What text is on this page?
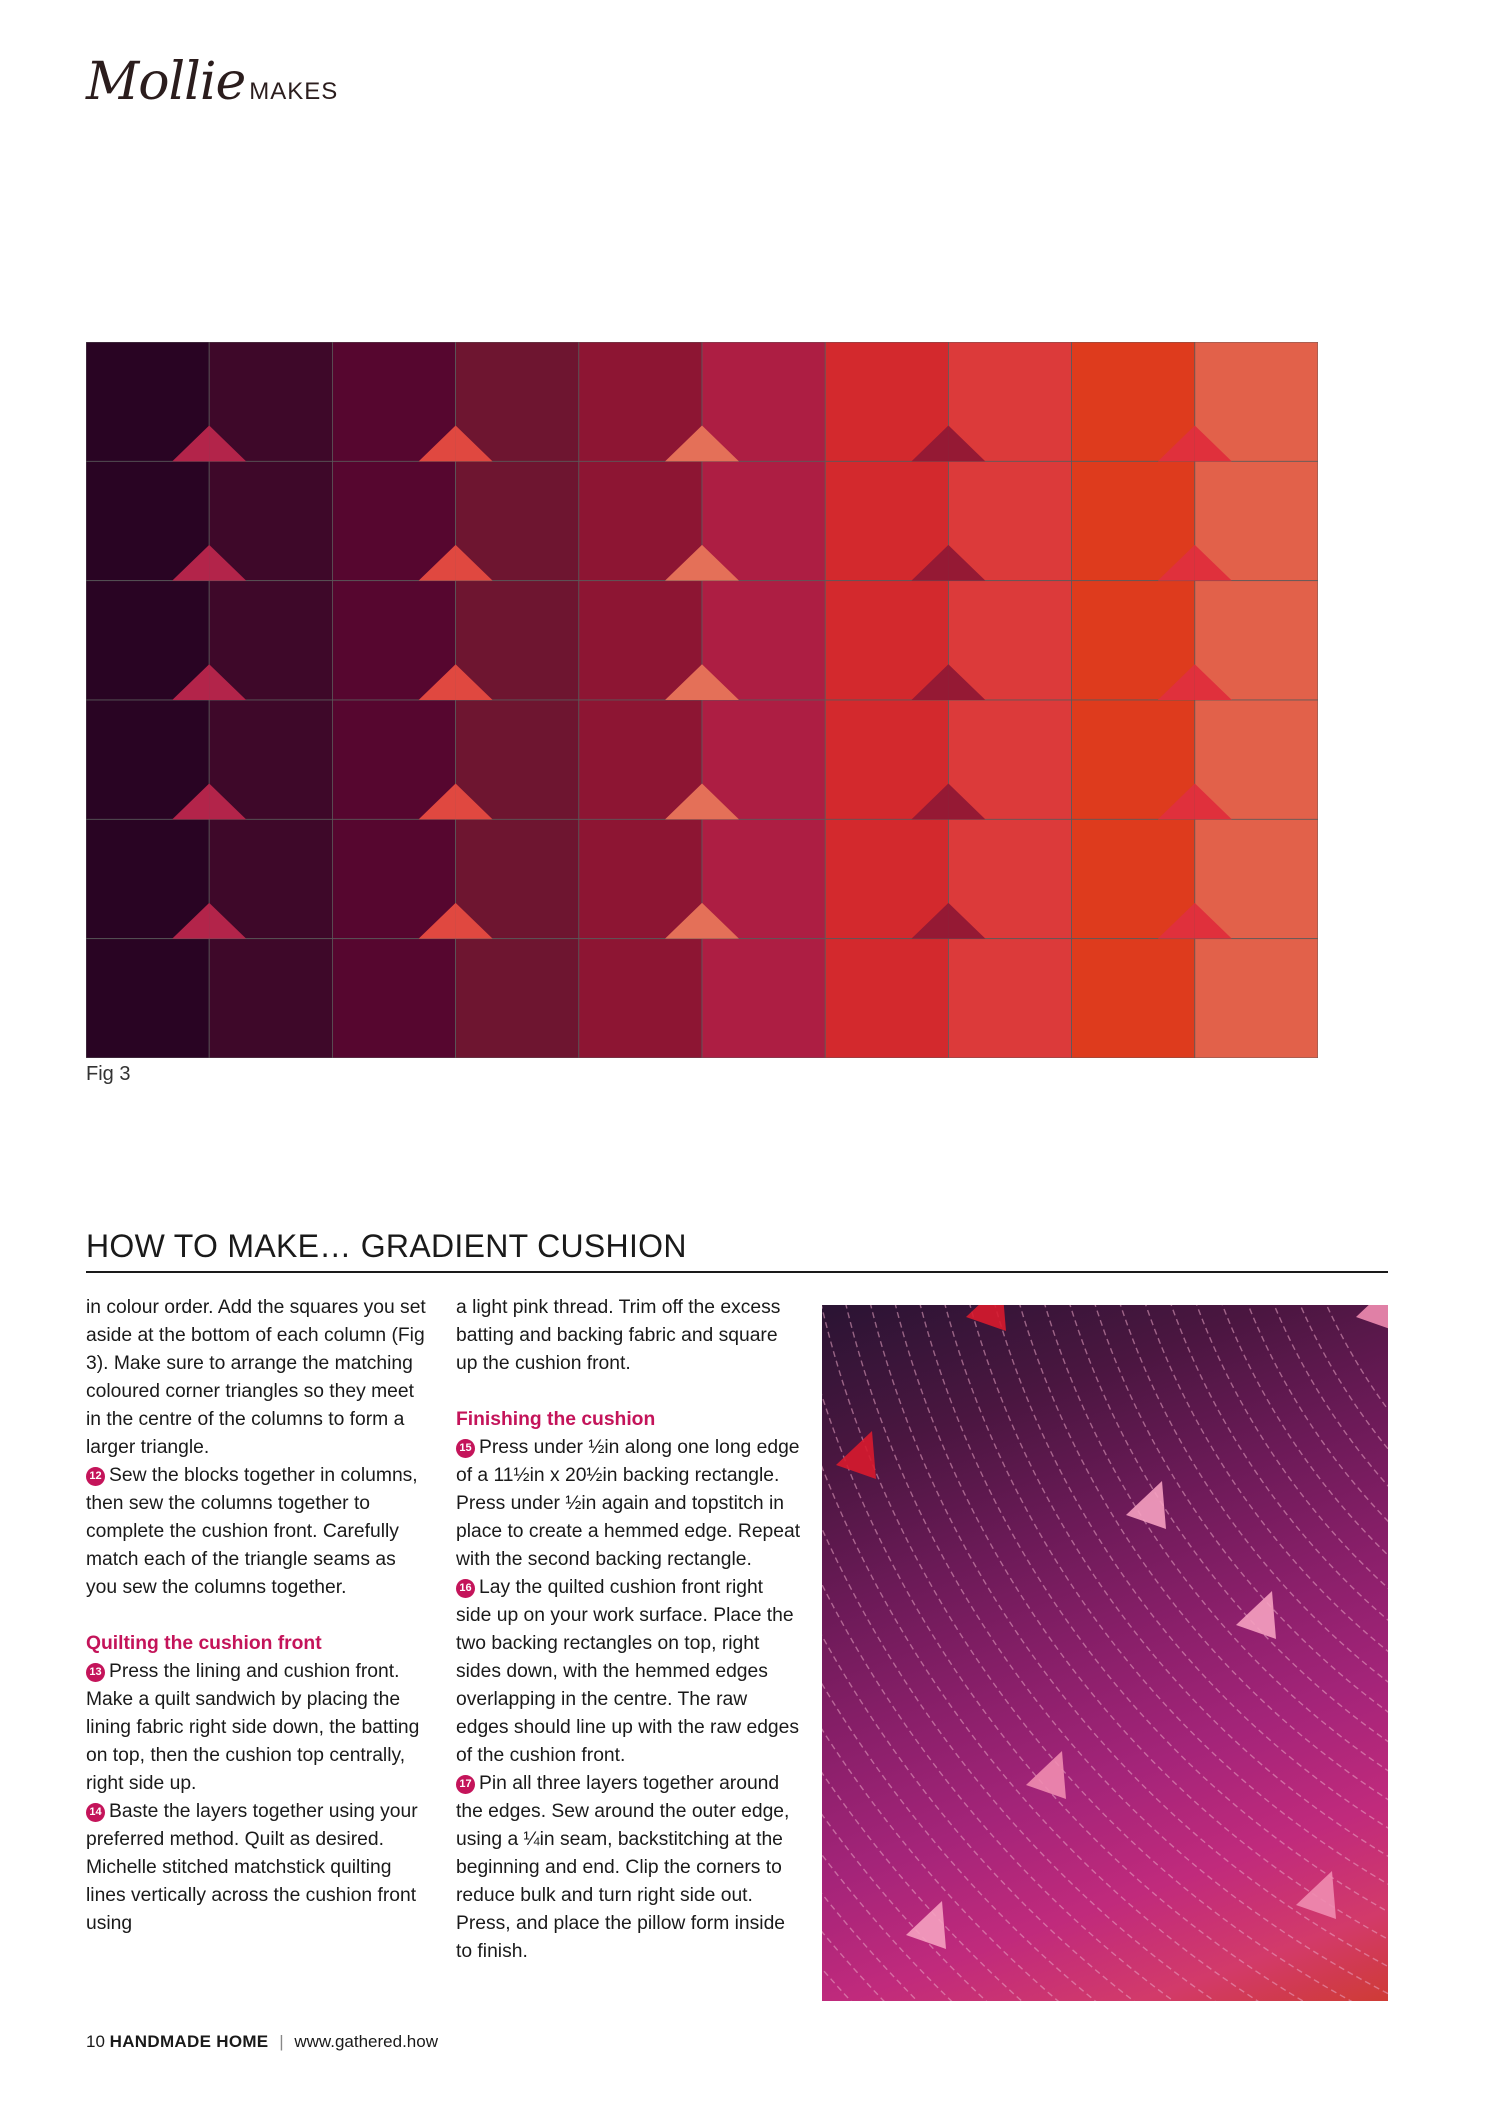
Mollie MAKES
Fig 3
HOW TO MAKE… GRADIENT CUSHION

in colour order. Add the squares you set aside at the bottom of each column (Fig 3). Make sure to arrange the matching coloured corner triangles so they meet in the centre of the columns to form a larger triangle.

12 Sew the blocks together in columns, then sew the columns together to complete the cushion front. Carefully match each of the triangle seams as you sew the columns together.

Quilting the cushion front

13 Press the lining and cushion front. Make a quilt sandwich by placing the lining fabric right side down, the batting on top, then the cushion top centrally, right side up.

14 Baste the layers together using your preferred method. Quilt as desired. Michelle stitched matchstick quilting lines vertically across the cushion front using

a light pink thread. Trim off the excess batting and backing fabric and square up the cushion front.

Finishing the cushion

15 Press under ½in along one long edge of a 11½in x 20½in backing rectangle. Press under ½in again and topstitch in place to create a hemmed edge. Repeat with the second backing rectangle.

16 Lay the quilted cushion front right side up on your work surface. Place the two backing rectangles on top, right sides down, with the hemmed edges overlapping in the centre. The raw edges should line up with the raw edges of the cushion front.

17 Pin all three layers together around the edges. Sew around the outer edge, using a ¼in seam, backstitching at the beginning and end. Clip the corners to reduce bulk and turn right side out. Press, and place the pillow form inside to finish.

10 HANDMADE HOME | www.gathered.how
